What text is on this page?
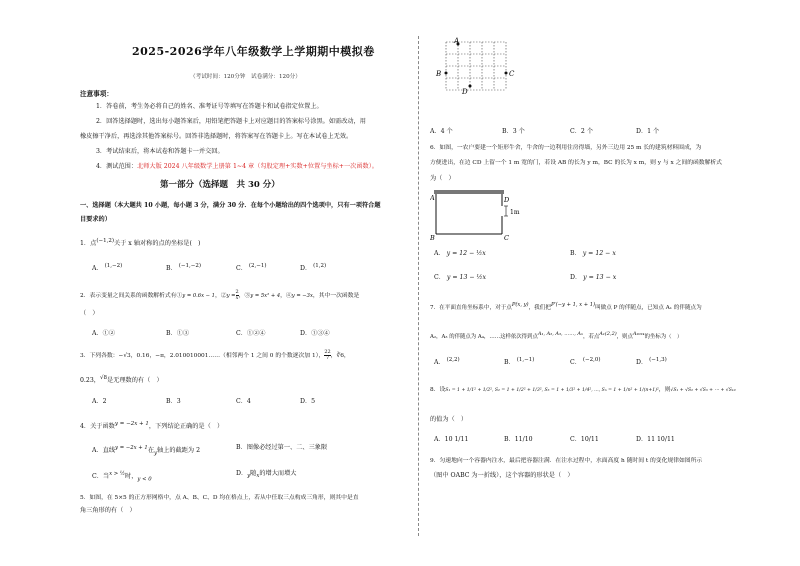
2025-2026学年八年级数学上学期期中模拟卷
（考试时间：120分钟　试卷满分：120分）
注意事项：
1．答卷前，考生务必将自己的姓名、准考证号等填写在答题卡和试卷指定位置上。
2．回答选择题时，选出每小题答案后，用铅笔把答题卡上对应题目的答案标号涂黑。如需改动，用
橡皮擦干净后，再选涂其他答案标号。回答非选择题时，将答案写在答题卡上。写在本试卷上无效。
3．考试结束后，将本试卷和答题卡一并交回。
4．测试范围：北师大版 2024 八年级数学上册第 1~4 章（勾股定理+实数+位置与坐标+一次函数）。
第一部分（选择题　共 30 分）
一、选择题（本大题共 10 小题，每小题 3 分，满分 30 分．在每个小题给出的四个选项中，只有一项符合题
目要求的）
1．点$^{(-1,2)}$关于 x 轴对称的点的坐标是(　)
A． $^{(1,-2)}$	B． $^{(-1,-2)}$	C． $^{(2,-1)}$	D． $^{(1,2)}$
2．表示变量之间关系的函数解析式有①y = 0.6x − 1，②y = $\frac{2}{x}$ ，③y = 5x² + 4，④y = −3x，其中一次函数是
（　）
A．①②	B．①③	C．①②④	D．①③④
3．下列各数：−√3，0.16，−π，2.010010001……（相邻两个 1 之间 0 的个数逐次加 1）， $\frac{22}{7}$ ，∛6，
0.23，$^{√8}$是无理数的有（　）
A．2	B．3	C．4	D．5
4．关于函数$^{y = -2x + 1}$，下列结论正确的是（　）
A．直线$^{y = -2x + 1}$在$_y$轴上的截距为 2	B．图像必经过第一、二、三象限
C．当$^{x > \frac{1}{2}}$时，$_{y < 0}$
D．$_y$随$_x$的增大而增大
5．如图，在 5×5 的正方形网格中，点 A、B、C、D 均在格点上，若从中任取三点构成三角形，则其中是直
角三角形的有（　）
A
B	C
D
A．4 个	B．3 个	C．2 个	D．1 个
6．如图，一农户要建一个矩形牛舍，牛舍的一边利用住房得墙，另外三边用 25 m 长的建筑材料围成，为
方便进出，在边 CD 上留一个 1 m 宽的门，若设 AB 的长为 y m，BC 的长为 x m，则 y 与 x 之间的函数解析式
为（　）
A
B	C
D
1m
A． y = 12 − ½x	B． y = 12 − x
C． y = 13 − ½x	D． y = 13 − x
7．在平面直角坐标系中，对于点$^{P(x, y)}$，我们把$^{P'(-y + 1, x + 1)}$叫做点 P 的伴随点，已知点 A₁ 的伴随点为
A₂，A₃ 的伴随点为 A₄，……这样依次得到点$^{A_1, A_2, A_3, \dots\dots, A_n}$，若点$^{A_1(2,2)}$，则点$^{A_{2024}}$的坐标为（　）
A． $^{(2,2)}$	B． $^{(1,-1)}$	C． $^{(-2,0)}$	D． $^{(-1,3)}$
8．设S₁ = 1 + 1/1² + 1/2², S₂ = 1 + 1/2² + 1/3², S₃ = 1 + 1/3² + 1/4², …, Sₙ = 1 + 1/n² + 1/(n+1)²，则√S₁ + √S₂ + √S₃ + ⋯ + √S₁₀
的值为（　）
A．10 1/11	B．11/10	C．10/11	D．11 10/11
9．匀速地向一个容器内注水，最后把容器注满．在注水过程中，水面高度 h 随时间 t 的变化规律如图所示
（图中 OABC 为一折线），这个容器的形状是（　）
